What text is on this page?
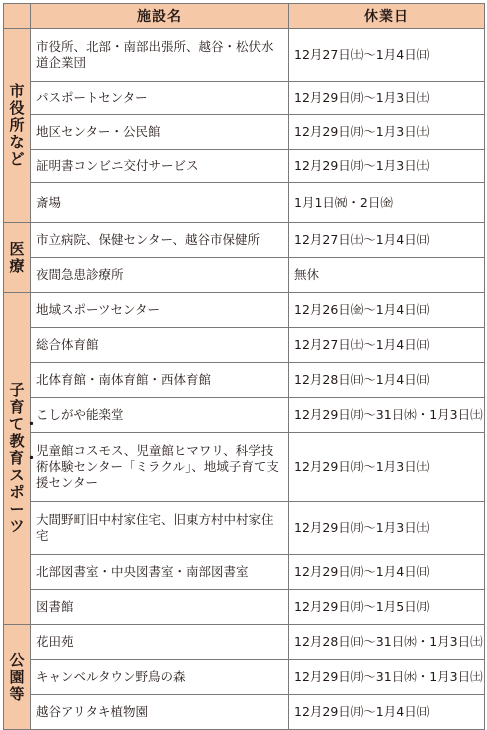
	施設名	休業日
市役所など	市役所、北部・南部出張所、越谷・松伏水道企業団	12月27日㈯〜1月4日㈰
	パスポートセンター	12月29日㈪〜1月3日㈯
	地区センター・公民館	12月29日㈪〜1月3日㈯
	証明書コンビニ交付サービス	12月29日㈪〜1月3日㈯
	斎場	1月1日㈷・2日㈮
医療	市立病院、保健センター、越谷市保健所	12月27日㈯〜1月4日㈰
	夜間急患診療所	無休
子育て・教育・スポーツ	地域スポーツセンター	12月26日㈮〜1月4日㈰
	総合体育館	12月27日㈯〜1月4日㈰
	北体育館・南体育館・西体育館	12月28日㈰〜1月4日㈰
	こしがや能楽堂	12月29日㈪〜31日㈬・1月3日㈯
	児童館コスモス、児童館ヒマワリ、科学技術体験センター「ミラクル」、地域子育て支援センター	12月29日㈪〜1月3日㈯
	大間野町旧中村家住宅、旧東方村中村家住宅	12月29日㈪〜1月3日㈯
	北部図書室・中央図書室・南部図書室	12月29日㈪〜1月4日㈰
	図書館	12月29日㈪〜1月5日㈪
公園等	花田苑	12月28日㈰〜31日㈬・1月3日㈯
	キャンベルタウン野鳥の森	12月29日㈪〜31日㈬・1月3日㈯
	越谷アリタキ植物園	12月29日㈪〜1月4日㈰
